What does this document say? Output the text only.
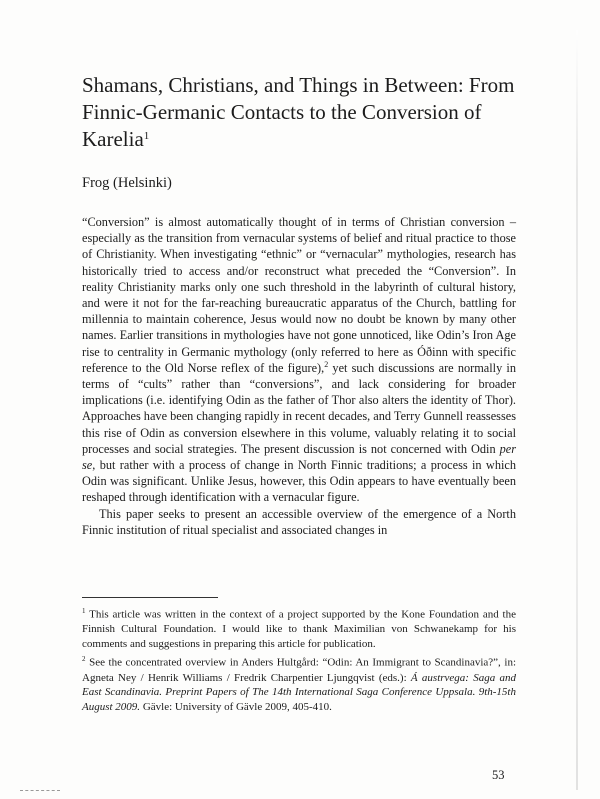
Shamans, Christians, and Things in Between: From Finnic-Germanic Contacts to the Conversion of Karelia$^1$

Frog (Helsinki)

“Conversion” is almost automatically thought of in terms of Christian conversion – especially as the transition from vernacular systems of belief and ritual practice to those of Christianity. When investigating “ethnic” or “vernacular” mythologies, research has historically tried to access and/or reconstruct what preceded the “Conversion”. In reality Christianity marks only one such threshold in the labyrinth of cultural history, and were it not for the far-reaching bureaucratic apparatus of the Church, battling for millennia to maintain coherence, Jesus would now no doubt be known by many other names. Earlier transitions in mythologies have not gone unnoticed, like Odin’s Iron Age rise to centrality in Germanic mythology (only referred to here as Óðinn with specific reference to the Old Norse reflex of the figure),$^2$ yet such discussions are normally in terms of “cults” rather than “conversions”, and lack considering for broader implications (i.e. identifying Odin as the father of Thor also alters the identity of Thor). Approaches have been changing rapidly in recent decades, and Terry Gunnell reassesses this rise of Odin as conversion elsewhere in this volume, valuably relating it to social processes and social strategies. The present discussion is not concerned with Odin per se, but rather with a process of change in North Finnic traditions; a process in which Odin was significant. Unlike Jesus, however, this Odin appears to have eventually been reshaped through identification with a vernacular figure.

This paper seeks to present an accessible overview of the emergence of a North Finnic institution of ritual specialist and associated changes in

$^1$ This article was written in the context of a project supported by the Kone Foundation and the Finnish Cultural Foundation. I would like to thank Maximilian von Schwanekamp for his comments and suggestions in preparing this article for publication.

$^2$ See the concentrated overview in Anders Hultgård: “Odin: An Immigrant to Scandinavia?”, in: Agneta Ney / Henrik Williams / Fredrik Charpentier Ljungqvist (eds.): Á austrvega: Saga and East Scandinavia. Preprint Papers of The 14th International Saga Conference Uppsala. 9th-15th August 2009. Gävle: University of Gävle 2009, 405-410.

53
